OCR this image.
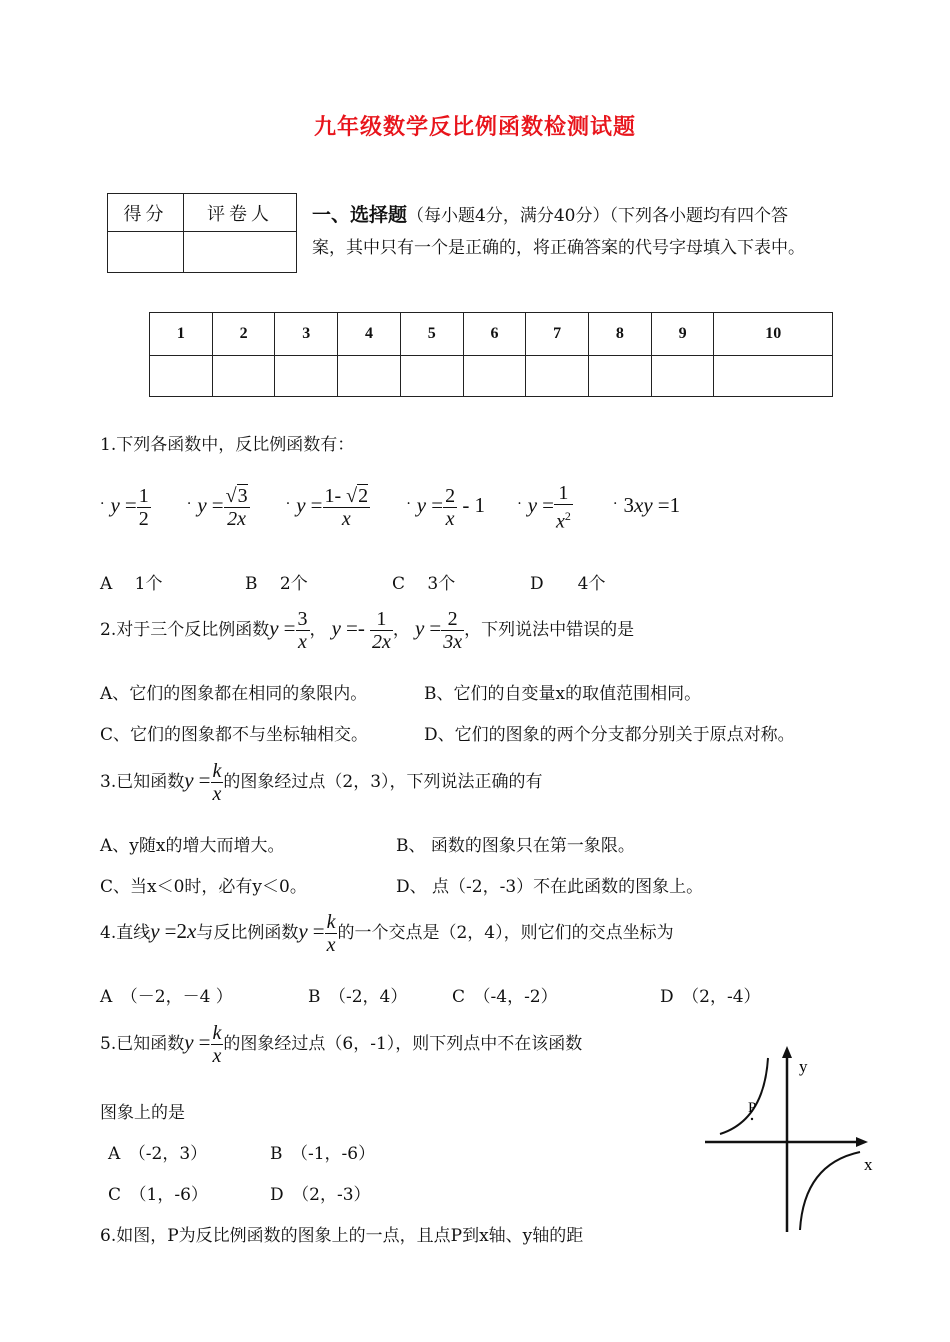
九年级数学反比例函数检测试题
得分	评卷人
	一、选择题（每小题4分，满分40分）（下列各小题均有四个答
案，其中只有一个是正确的，将正确答案的代号字母填入下表中。
1	2	3	4	5	6	7	8	9	10

1.下列各函数中，反比例函数有：
. $y = \frac{1}{2}$	. $y = \frac{√3}{2x}$	. $y = \frac{1- √2}{x}$	. $y = \frac{2}{x} - 1$ . $y = \frac{1}{x^2}$	. 3xy =1
A　 1个	B　 2个	C　 3个	D　　4个
2.对于三个反比例函数$y = \frac{3}{x}$ ， $y =- \frac{1}{2x}$ ， $y = \frac{2}{3x}$ ，下列说法中错误的是
A、它们的图象都在相同的象限内。	B、它们的自变量x的取值范围相同。
C、它们的图象都不与坐标轴相交。	D、它们的图象的两个分支都分别关于原点对称。
3.已知函数$y = \frac{k}{x}$ 的图象经过点（2，3），下列说法正确的有
A、y随x的增大而增大。	B、 函数的图象只在第一象限。
C、当x＜0时，必有y＜0。	D、 点（-2，-3）不在此函数的图象上。
4.直线y =2x与反比例函数$y = \frac{k}{x}$ 的一个交点是（2，4），则它们的交点坐标为
A　（－2，－4 ）	B　（-2，4）	C　（-4，-2）	D　（2，-4）
5.已知函数$y = \frac{k}{x}$ 的图象经过点（6，-1），则下列点中不在该函数
图象上的是
A　（-2，3）	B　（-1，-6）
C　（1，-6）	D　（2，-3）
6.如图，P为反比例函数的图象上的一点，且点P到x轴、y轴的距
y
x
P
